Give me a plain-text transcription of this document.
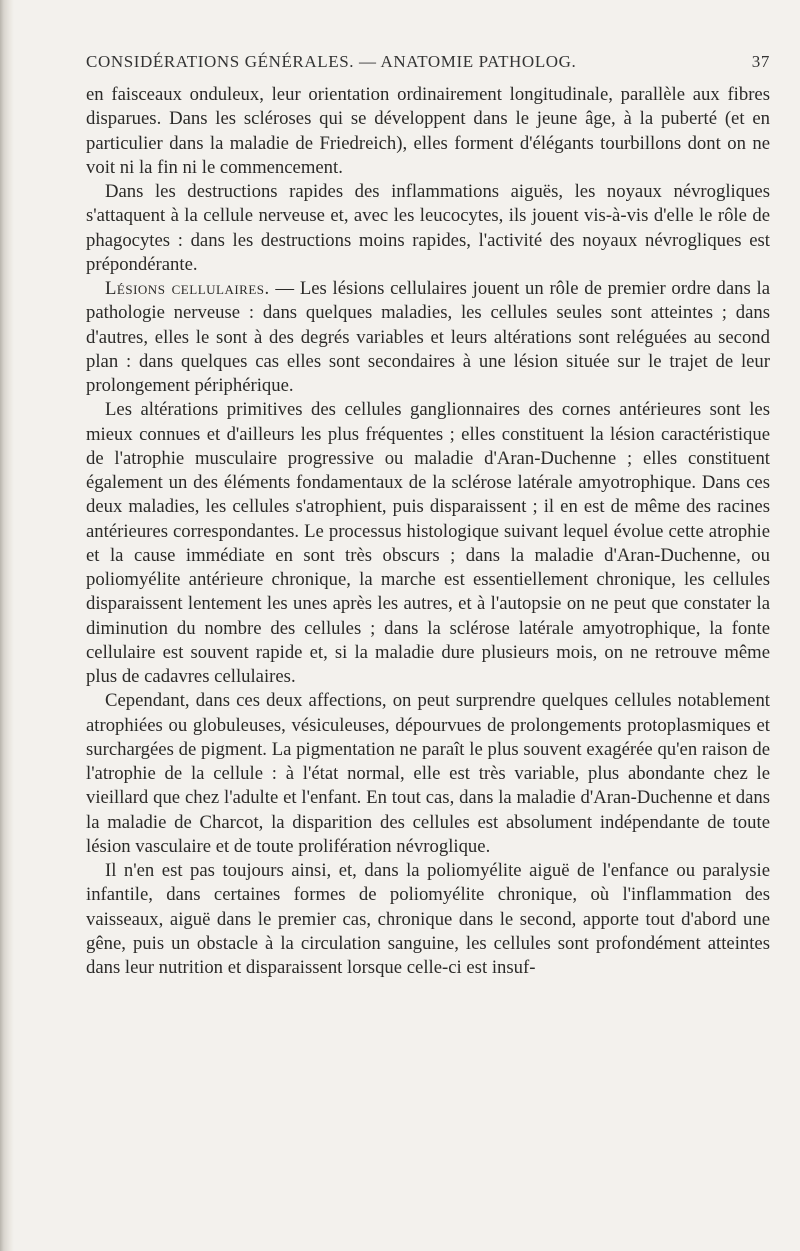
CONSIDÉRATIONS GÉNÉRALES. — ANATOMIE PATHOLOG.	37

en faisceaux onduleux, leur orientation ordinairement longitudinale, parallèle aux fibres disparues. Dans les scléroses qui se développent dans le jeune âge, à la puberté (et en particulier dans la maladie de Friedreich), elles forment d'élégants tourbillons dont on ne voit ni la fin ni le commencement.

Dans les destructions rapides des inflammations aiguës, les noyaux névrogliques s'attaquent à la cellule nerveuse et, avec les leucocytes, ils jouent vis-à-vis d'elle le rôle de phagocytes : dans les destructions moins rapides, l'activité des noyaux névrogliques est prépondérante.

Lésions cellulaires. — Les lésions cellulaires jouent un rôle de premier ordre dans la pathologie nerveuse : dans quelques maladies, les cellules seules sont atteintes ; dans d'autres, elles le sont à des degrés variables et leurs altérations sont reléguées au second plan : dans quelques cas elles sont secondaires à une lésion située sur le trajet de leur prolongement périphérique.

Les altérations primitives des cellules ganglionnaires des cornes antérieures sont les mieux connues et d'ailleurs les plus fréquentes ; elles constituent la lésion caractéristique de l'atrophie musculaire progressive ou maladie d'Aran-Duchenne ; elles constituent également un des éléments fondamentaux de la sclérose latérale amyotrophique. Dans ces deux maladies, les cellules s'atrophient, puis disparaissent ; il en est de même des racines antérieures correspondantes. Le processus histologique suivant lequel évolue cette atrophie et la cause immédiate en sont très obscurs ; dans la maladie d'Aran-Duchenne, ou poliomyélite antérieure chronique, la marche est essentiellement chronique, les cellules disparaissent lentement les unes après les autres, et à l'autopsie on ne peut que constater la diminution du nombre des cellules ; dans la sclérose latérale amyotrophique, la fonte cellulaire est souvent rapide et, si la maladie dure plusieurs mois, on ne retrouve même plus de cadavres cellulaires.

Cependant, dans ces deux affections, on peut surprendre quelques cellules notablement atrophiées ou globuleuses, vésiculeuses, dépourvues de prolongements protoplasmiques et surchargées de pigment. La pigmentation ne paraît le plus souvent exagérée qu'en raison de l'atrophie de la cellule : à l'état normal, elle est très variable, plus abondante chez le vieillard que chez l'adulte et l'enfant. En tout cas, dans la maladie d'Aran-Duchenne et dans la maladie de Charcot, la disparition des cellules est absolument indépendante de toute lésion vasculaire et de toute prolifération névroglique.

Il n'en est pas toujours ainsi, et, dans la poliomyélite aiguë de l'enfance ou paralysie infantile, dans certaines formes de poliomyélite chronique, où l'inflammation des vaisseaux, aiguë dans le premier cas, chronique dans le second, apporte tout d'abord une gêne, puis un obstacle à la circulation sanguine, les cellules sont profondément atteintes dans leur nutrition et disparaissent lorsque celle-ci est insuf-
